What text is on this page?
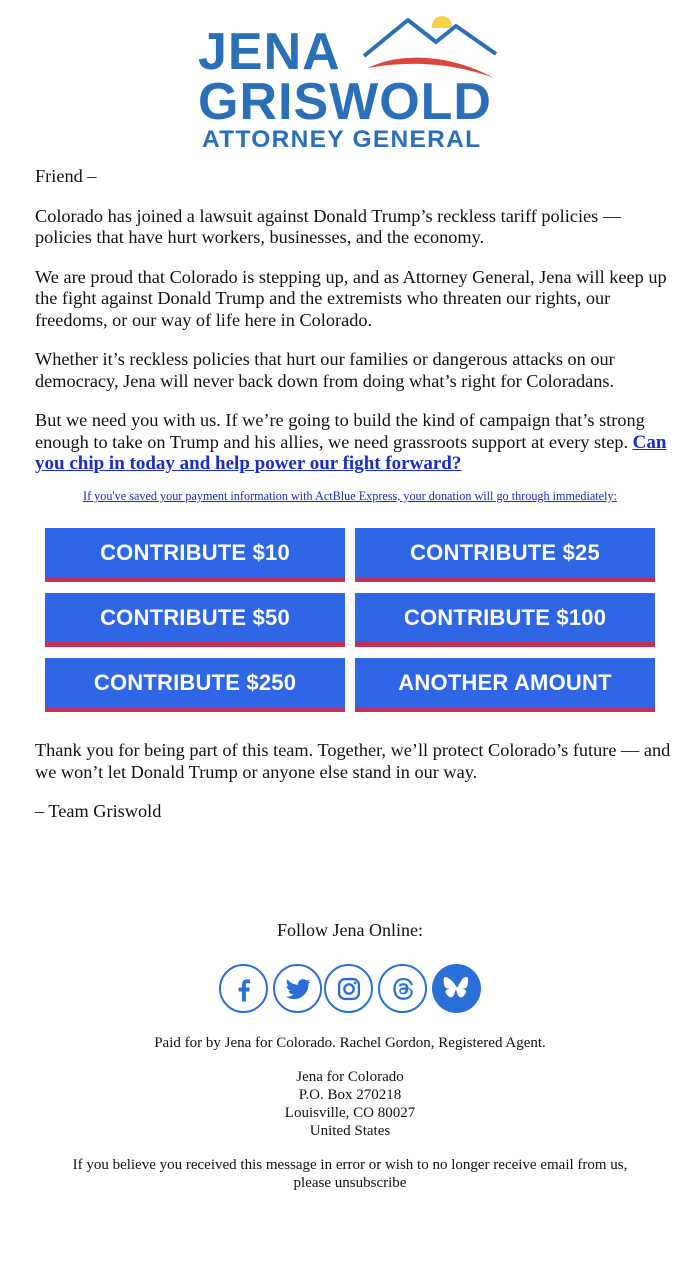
JENA
GRISWOLD
ATTORNEY GENERAL

Friend –

Colorado has joined a lawsuit against Donald Trump’s reckless tariff policies — policies that have hurt workers, businesses, and the economy.

We are proud that Colorado is stepping up, and as Attorney General, Jena will keep up the fight against Donald Trump and the extremists who threaten our rights, our freedoms, or our way of life here in Colorado.

Whether it’s reckless policies that hurt our families or dangerous attacks on our democracy, Jena will never back down from doing what’s right for Coloradans.

But we need you with us. If we’re going to build the kind of campaign that’s strong enough to take on Trump and his allies, we need grassroots support at every step. Can you chip in today and help power our fight forward?

If you've saved your payment information with ActBlue Express, your donation will go through immediately:
CONTRIBUTE $10	CONTRIBUTE $25
CONTRIBUTE $50	CONTRIBUTE $100
CONTRIBUTE $250	ANOTHER AMOUNT

Thank you for being part of this team. Together, we’ll protect Colorado’s future — and we won’t let Donald Trump or anyone else stand in our way.

– Team Griswold

Follow Jena Online:
Paid for by Jena for Colorado. Rachel Gordon, Registered Agent.
Jena for Colorado
P.O. Box 270218
Louisville, CO 80027
United States
If you believe you received this message in error or wish to no longer receive email from us,
please unsubscribe
